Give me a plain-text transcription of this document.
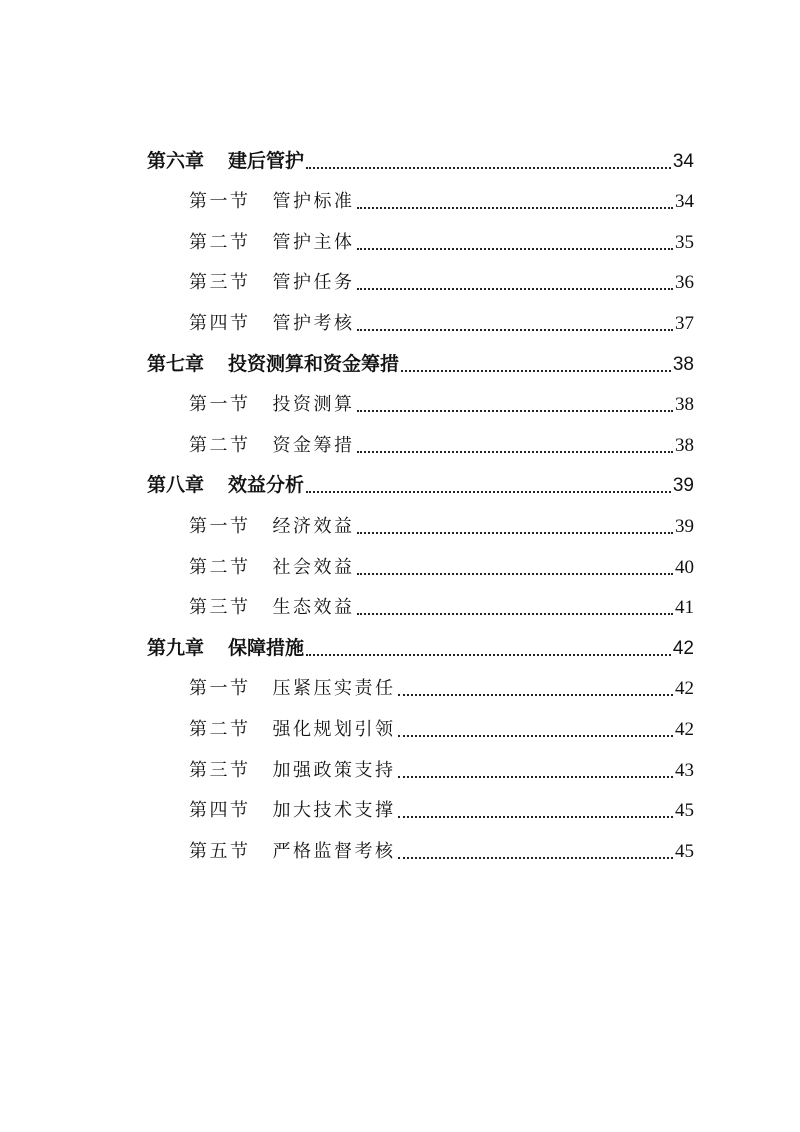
第六章 建后管护	34
第一节 管护标准	34
第二节 管护主体	35
第三节 管护任务	36
第四节 管护考核	37
第七章 投资测算和资金筹措	38
第一节 投资测算	38
第二节 资金筹措	38
第八章 效益分析	39
第一节 经济效益	39
第二节 社会效益	40
第三节 生态效益	41
第九章 保障措施	42
第一节 压紧压实责任	42
第二节 强化规划引领	42
第三节 加强政策支持	43
第四节 加大技术支撑	45
第五节 严格监督考核	45
